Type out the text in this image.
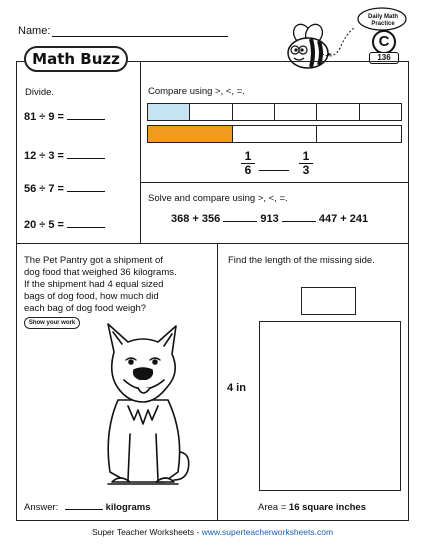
Name:
Daily Math
Practice
C
136
Math Buzz
Divide.
81 ÷ 9 =
12 ÷ 3 =
56 ÷ 7 =
20 ÷ 5 =
Compare using >, <, =.
$\frac{1}{6}$	$\frac{1}{3}$
Solve and compare using >, <, =.
368 + 356	913	447 + 241
The Pet Pantry got a shipment of
dog food that weighed 36 kilograms.
If the shipment had 4 equal sized
bags of dog food, how much did
each bag of dog food weigh?
Show your work
Answer:	kilograms
Find the length of the missing side.
4 in
Area = 16 square inches
Super Teacher Worksheets - www.superteacherworksheets.com
